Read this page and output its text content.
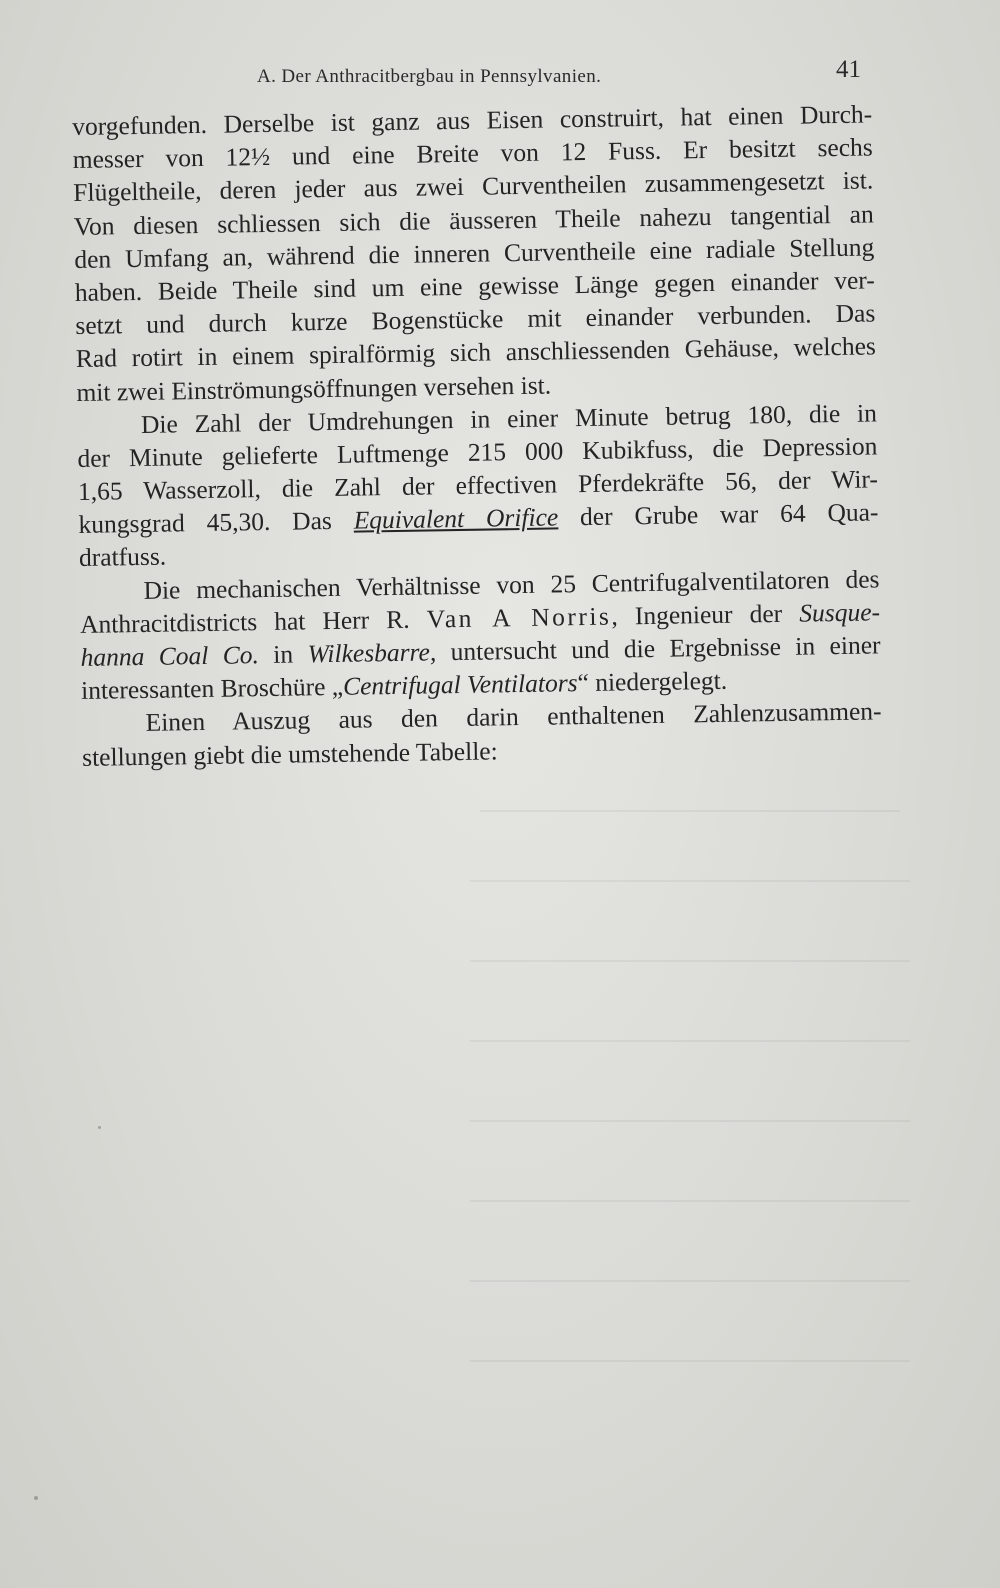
A. Der Anthracitbergbau in Pennsylvanien.	41
vorgefunden. Derselbe ist ganz aus Eisen construirt, hat einen Durch-
messer von 12½ und eine Breite von 12 Fuss. Er besitzt sechs
Flügeltheile, deren jeder aus zwei Curventheilen zusammengesetzt ist.
Von diesen schliessen sich die äusseren Theile nahezu tangential an
den Umfang an, während die inneren Curventheile eine radiale Stellung
haben. Beide Theile sind um eine gewisse Länge gegen einander ver-
setzt und durch kurze Bogenstücke mit einander verbunden. Das
Rad rotirt in einem spiralförmig sich anschliessenden Gehäuse, welches
mit zwei Einströmungsöffnungen versehen ist.
Die Zahl der Umdrehungen in einer Minute betrug 180, die in
der Minute gelieferte Luftmenge 215 000 Kubikfuss, die Depression
1,65 Wasserzoll, die Zahl der effectiven Pferdekräfte 56, der Wir-
kungsgrad 45,30. Das Equivalent Orifice der Grube war 64 Qua-
dratfuss.
Die mechanischen Verhältnisse von 25 Centrifugalventilatoren des
Anthracitdistricts hat Herr R. Van A Norris, Ingenieur der Susque-
hanna Coal Co. in Wilkesbarre, untersucht und die Ergebnisse in einer
interessanten Broschüre „Centrifugal Ventilators“ niedergelegt.
Einen Auszug aus den darin enthaltenen Zahlenzusammen-
stellungen giebt die umstehende Tabelle:
